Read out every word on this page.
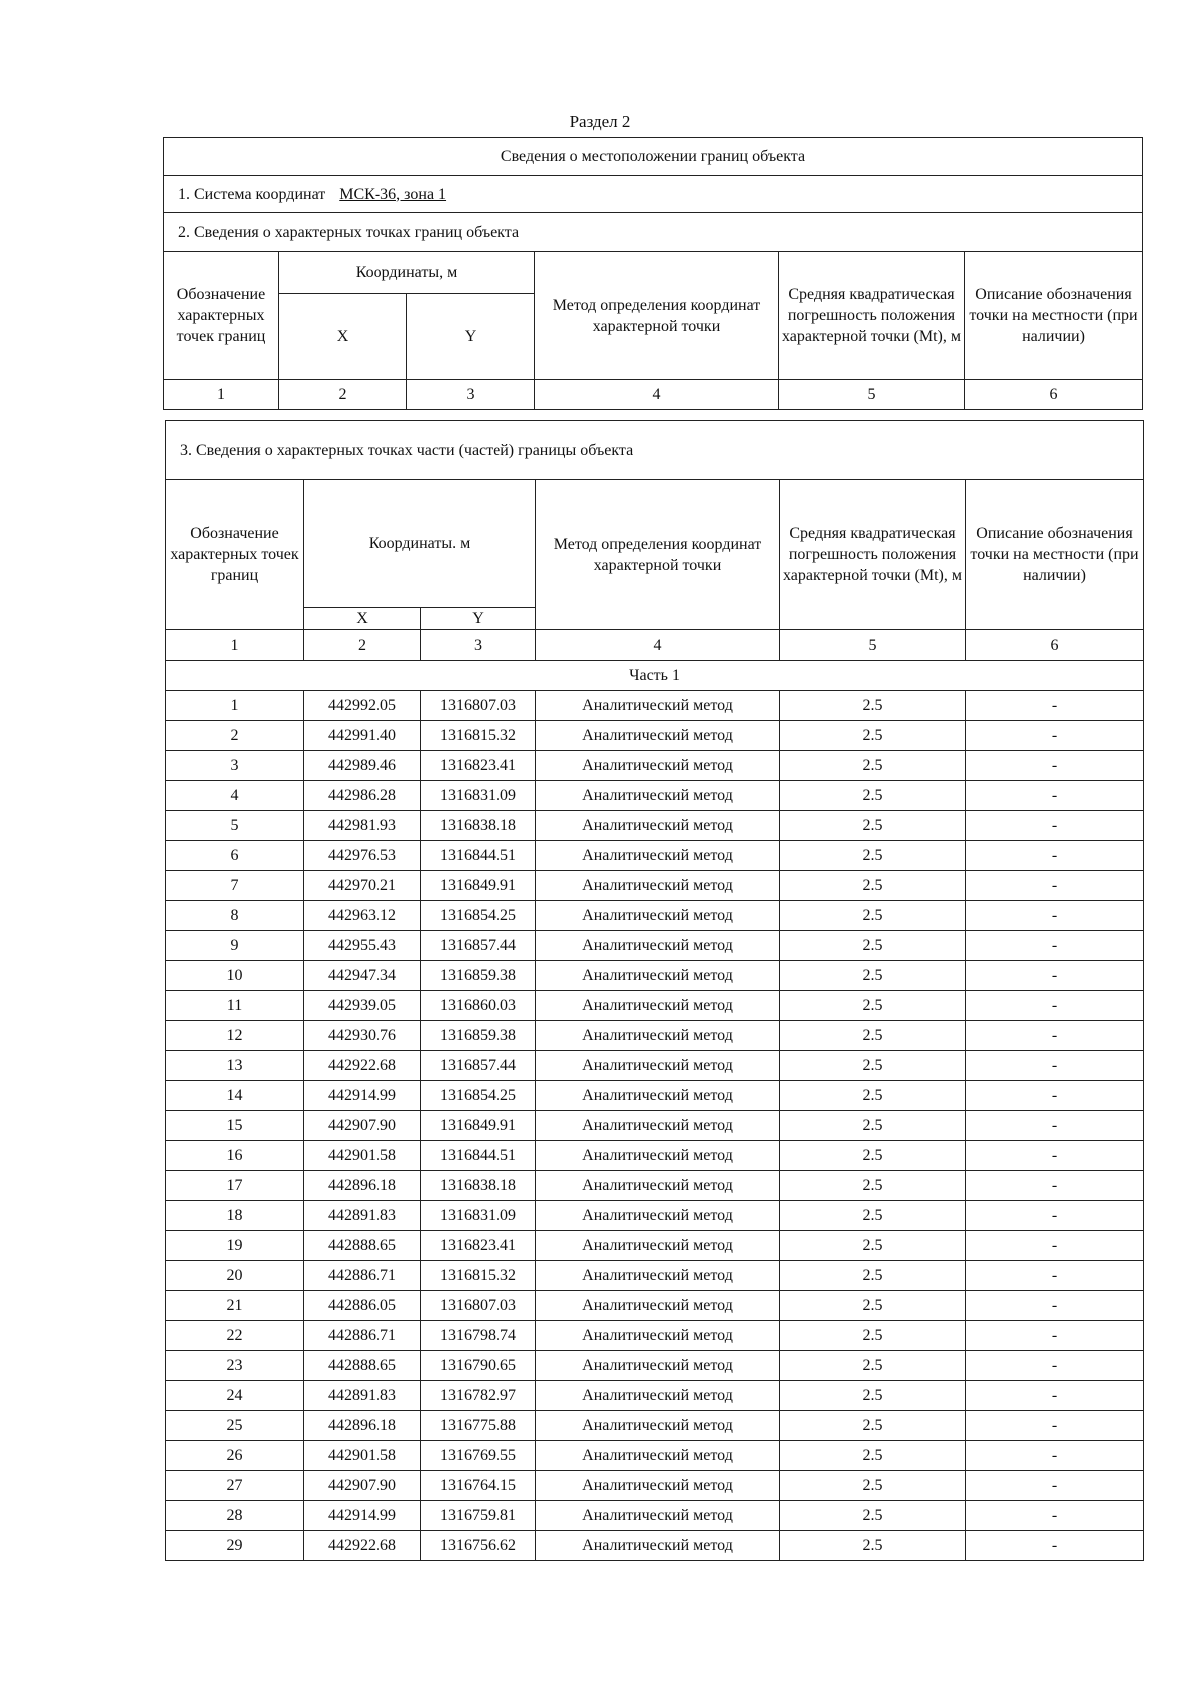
Раздел 2
Сведения о местоположении границ объекта					
1. Система координат МСК-36, зона 1					
2. Сведения о характерных точках границ объекта					
Обозначение характерных точек границ	Координаты, м		Метод определения координат характерной точки	Средняя квадратическая погрешность положения характерной точки (Mt), м	Описание обозначения точки на местности (при наличии)
	X	Y			
1	2	3	4	5	6
3. Сведения о характерных точках части (частей) границы объекта					
Обозначение характерных точек границ	Координаты. м		Метод определения координат характерной точки	Средняя квадратическая погрешность положения характерной точки (Mt), м	Описание обозначения точки на местности (при наличии)
	X	Y			
1	2	3	4	5	6
Часть 1					
1	442992.05	1316807.03	Аналитический метод	2.5	-
2	442991.40	1316815.32	Аналитический метод	2.5	-
3	442989.46	1316823.41	Аналитический метод	2.5	-
4	442986.28	1316831.09	Аналитический метод	2.5	-
5	442981.93	1316838.18	Аналитический метод	2.5	-
6	442976.53	1316844.51	Аналитический метод	2.5	-
7	442970.21	1316849.91	Аналитический метод	2.5	-
8	442963.12	1316854.25	Аналитический метод	2.5	-
9	442955.43	1316857.44	Аналитический метод	2.5	-
10	442947.34	1316859.38	Аналитический метод	2.5	-
11	442939.05	1316860.03	Аналитический метод	2.5	-
12	442930.76	1316859.38	Аналитический метод	2.5	-
13	442922.68	1316857.44	Аналитический метод	2.5	-
14	442914.99	1316854.25	Аналитический метод	2.5	-
15	442907.90	1316849.91	Аналитический метод	2.5	-
16	442901.58	1316844.51	Аналитический метод	2.5	-
17	442896.18	1316838.18	Аналитический метод	2.5	-
18	442891.83	1316831.09	Аналитический метод	2.5	-
19	442888.65	1316823.41	Аналитический метод	2.5	-
20	442886.71	1316815.32	Аналитический метод	2.5	-
21	442886.05	1316807.03	Аналитический метод	2.5	-
22	442886.71	1316798.74	Аналитический метод	2.5	-
23	442888.65	1316790.65	Аналитический метод	2.5	-
24	442891.83	1316782.97	Аналитический метод	2.5	-
25	442896.18	1316775.88	Аналитический метод	2.5	-
26	442901.58	1316769.55	Аналитический метод	2.5	-
27	442907.90	1316764.15	Аналитический метод	2.5	-
28	442914.99	1316759.81	Аналитический метод	2.5	-
29	442922.68	1316756.62	Аналитический метод	2.5	-
